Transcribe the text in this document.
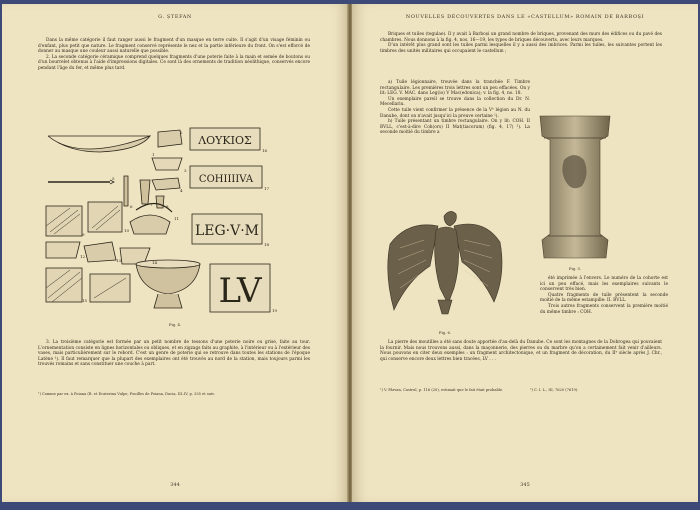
G. ȘTEFAN

Dans la même catégorie il faut ranger aussi le fragment d'un masque en terre cuite. Il s'agit d'un visage féminin ou d'enfant, plus petit que nature. Le fragment conservé représente le nez et la partie inférieure du front. On s'est efforcé de donner au masque une couleur aussi naturelle que possible.

2. La seconde catégorie céramique comprend quelques fragments d'une poterie faite à la main et semée de boutons ou d'un bourrelet obtenus à l'aide d'impressions digitales. Ce sont là des ornements de tradition néolithique, conservés encore pendant l'âge du fer, et même plus tard.

ΛΟΥΚΙΟΣ
COHIIIIVA
LEG·V·M
LV
1
2
3
4
5
6	7	8
9
10
11
12
13	14
15
16
17
18
19
Fig. 4.

3. La troisième catégorie est formée par un petit nombre de tessons d'une poterie noire ou grise, faite au tour. L'ornementation consiste en lignes horizontales ou obliques, et en zigzags faits au graphite, à l'intérieur ou à l'extérieur des vases, mais particulièrement sur le rebord. C'est un genre de poterie qui se retrouve dans toutes les stations de l'époque Latène ¹). Il faut remarquer que la plupart des exemplaires ont été trouvés au nord de la station, mais toujours parmi les trouvés romains et sans constituer une couche à part.

¹) Comme par ex. à Poiana (R. et Ecaterina Vulpe, Fouilles de Poiana, Dacia, III–IV, p. 255 et suiv.
344
NOUVELLES DÉCOUVERTES DANS LE «CASTELLUM» ROMAIN DE BARBOȘI

Briques et tuiles (tegulae). Il y avait à Barboși un grand nombre de briques, provenant des murs des édifices ou du pavé des chambres. Nous donnons à la fig. 4, nos. 16—19, les types de briques découverts, avec leurs marques.

D'un intérêt plus grand sont les tuiles parmi lesquelles il y a aussi des imbrices. Parmi les tuiles, les suivantes portent les timbres des unités militaires qui occupaient le castellum ;

a) Tuile légionnaire, trouvée dans la tranchée F. Timbre rectangulaire. Les premières trois lettres sont un peu effacées. On y lit: LEG. V. MAC. dans Leg(io) V Mac(edonica); v. la fig. 4, no. 18.

Un exemplaire pareil se trouve dans la collection du Dr. N. Mecellariu.

Cette tuile vient confirmer la présence de la Vᵉ légion au N. du Danube, dont on n'avait jusqu'ici la preuve certaine ¹).

b) Tuile présentant un timbre rectangulaire. On y lit: COH. II BVLL, c'est-à-dire Coh(ors) II Mat(tiacorum) (fig. 4, 17) ²). La seconde moitié du timbre a

Fig. 5.
Fig. 6.

été imprimée à l'envers. Le numéro de la cohorte est ici un peu effacé, mais les exemplaires suivants le conservent très bien.

Quatre fragments de tuile présentent la seconde moitié de la même estampille: II. BVLL.

Trois autres fragments conservent la première moitié du même timbre : COH.

La pierre des moutilles a été sans doute apportée d'au-delà du Danube. Ce sont les montagnes de la Dobrogea qui pouvaient la fournir. Mais nous trouvons aussi, dans la maçonnerie, des pierres ou du marbre qu'on a certainement fait venir d'ailleurs. Nous pouvons en citer deux exemples : un fragment architectonique, et un fragment de décoration, du IIᵉ siècle après J. Chr., qui conserve encore deux lettres bien tracées, LV . . .

¹) V. Pârvan, Castrul, p. 116 (20), estimait que le fait était probable.	²) C. I. L., III, 7620 (7619).
345
